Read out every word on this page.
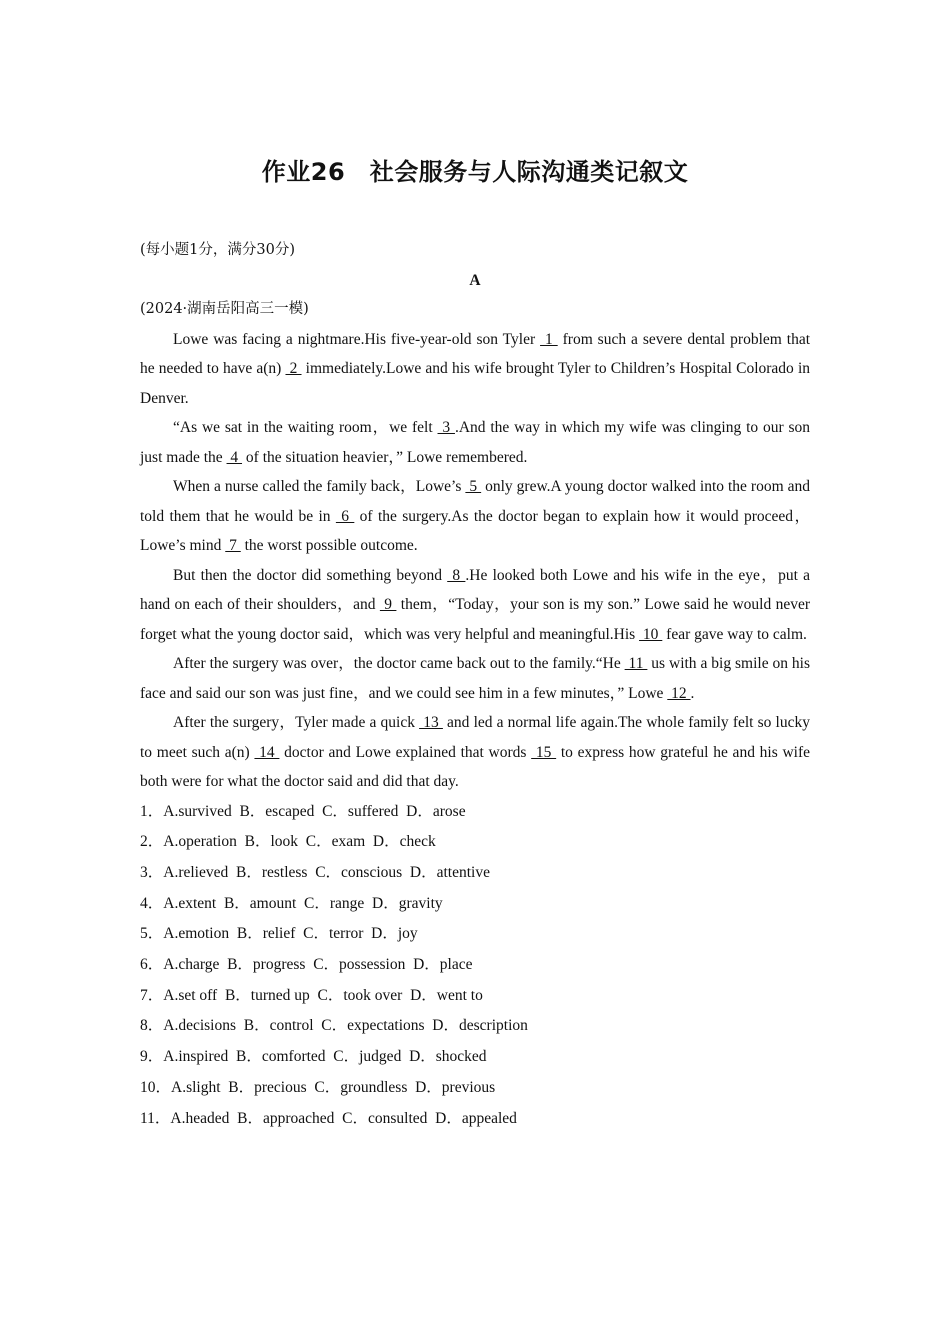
作业26　社会服务与人际沟通类记叙文

(每小题1分，满分30分)

A

(2024·湖南岳阳高三一模)

Lowe was facing a nightmare.His five-year-old son Tyler  1  from such a severe dental problem that he needed to have a(n)  2  immediately.Lowe and his wife brought Tyler to Children’s Hospital Colorado in Denver.

“As we sat in the waiting room，we felt  3 .And the way in which my wife was clinging to our son just made the  4  of the situation heavier，” Lowe remembered.

When a nurse called the family back，Lowe’s  5  only grew.A young doctor walked into the room and told them that he would be in  6  of the surgery.As the doctor began to explain how it would proceed，Lowe’s mind  7  the worst possible outcome.

But then the doctor did something beyond  8 .He looked both Lowe and his wife in the eye，put a hand on each of their shoulders，and  9  them，“Today，your son is my son.” Lowe said he would never forget what the young doctor said，which was very helpful and meaningful.His  10  fear gave way to calm.

After the surgery was over，the doctor came back out to the family.“He  11  us with a big smile on his face and said our son was just fine，and we could see him in a few minutes，” Lowe  12 .

After the surgery，Tyler made a quick  13  and led a normal life again.The whole family felt so lucky to meet such a(n)  14  doctor and Lowe explained that words  15  to express how grateful he and his wife both were for what the doctor said and did that day.

1．A.survived  B．escaped  C．suffered  D．arose
2．A.operation  B．look  C．exam  D．check
3．A.relieved  B．restless  C．conscious  D．attentive
4．A.extent  B．amount  C．range  D．gravity
5．A.emotion  B．relief  C．terror  D．joy
6．A.charge  B．progress  C．possession  D．place
7．A.set off  B．turned up  C．took over  D．went to
8．A.decisions  B．control  C．expectations  D．description
9．A.inspired  B．comforted  C．judged  D．shocked
10．A.slight  B．precious  C．groundless  D．previous
11．A.headed  B．approached  C．consulted  D．appealed
